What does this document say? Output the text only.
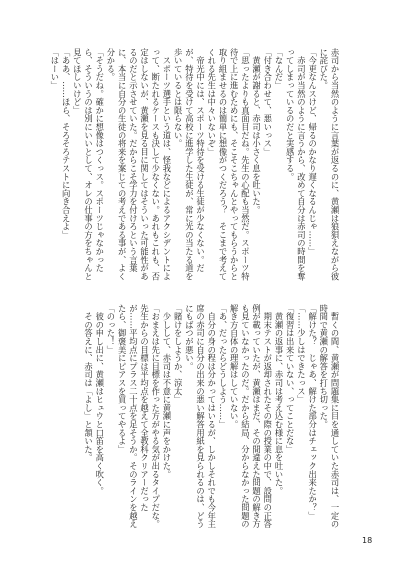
赤司から当然のように言葉が返るのに、黄瀬は狼狽えながら彼に詫びた。

「今更なんスけど、帰るのかなり遅くなるんじゃ……」

　赤司が当然のように言うから、改めて自分は赤司の時間を奪ってしまっているのだと実感する。

「なんだ」

「付き合わせて、悪いっス」

　黄瀬が謝ると、赤司は小さく息を吐いた。

「思ったよりも真面目だね。先生の心配も当然だ。スポーツ特待で上に進むためにも、そこそこちゃんとやってもらうからと取り組ませるのは簡単に想像がつくだろう？　そこまで考えてくれる先生は中々いないぞ」

　帝光中には、スポーツ特待を受ける生徒が少なくない。だが、特待を受けて高校に進学した生徒が、常に光の当たる道を歩いているとは限らない。

　スポーツ選手という道は、怪我などによるアクシデントによって、断たれるケースも決して少なくない。あれもこれも、否定はしないが、黄瀬を見る目に関してはそういった可能性があるのだと示させていた。だからこそ学力を付けろという言葉に、本当に自分の生徒の将来を案じての考えである事が、よく分かる。

「そうだね。確かに想像はつくっス。スポーツじゃなかったら、そういうのは別にいいとして、オレの仕事の方をちゃんと見てほしいけど」

「ああ、……ほら、そろそろテストに向き合えよ」

「はーい」

　暫くの間、黄瀬が問題集に目を通していた赤司は、一定の時間で黄瀬の解答を打ち切った。

「解けた？　じゃあ、解けた部分はチェック出来たか？」

「……少しはできたっス」

「復習は出来ていない、ってことだな」

　黄瀬の返事に、赤司は考え込む様に息を吐いた。

　期末テストが返却されたその際の授業の中で、設問の正答例が載っていたが、黄瀬はまだ、その間違えた問題の解き方も見ていなかったのだ。だから結局、分からなかった問題の解き方自体の理解はしていない。

「あ、だったらどうしよう……」

　自分の身の程は分かってはいるが、しかしそれでも今年主席の赤司に自分の出来の悪い解答用紙を見られるのは、どうにもばつが悪い。

「賭けをしようか、涼太」

　少しして、赤司は不意に黄瀬に声をかけた。

「おまえは先に目標を作った方がやる気が出るタイプだな。先生からの目標は平均点を越えて全教科クリアーだったが……平均点にプラス二十点を足そうか。そのラインを越えたら、御褒美にピアスを買ってやるよ」

「のった！」

　彼の申し出に、黄瀬はヒュウと口笛を高く吹く。

　その答えに、赤司は「よし」と頷いた。

18
